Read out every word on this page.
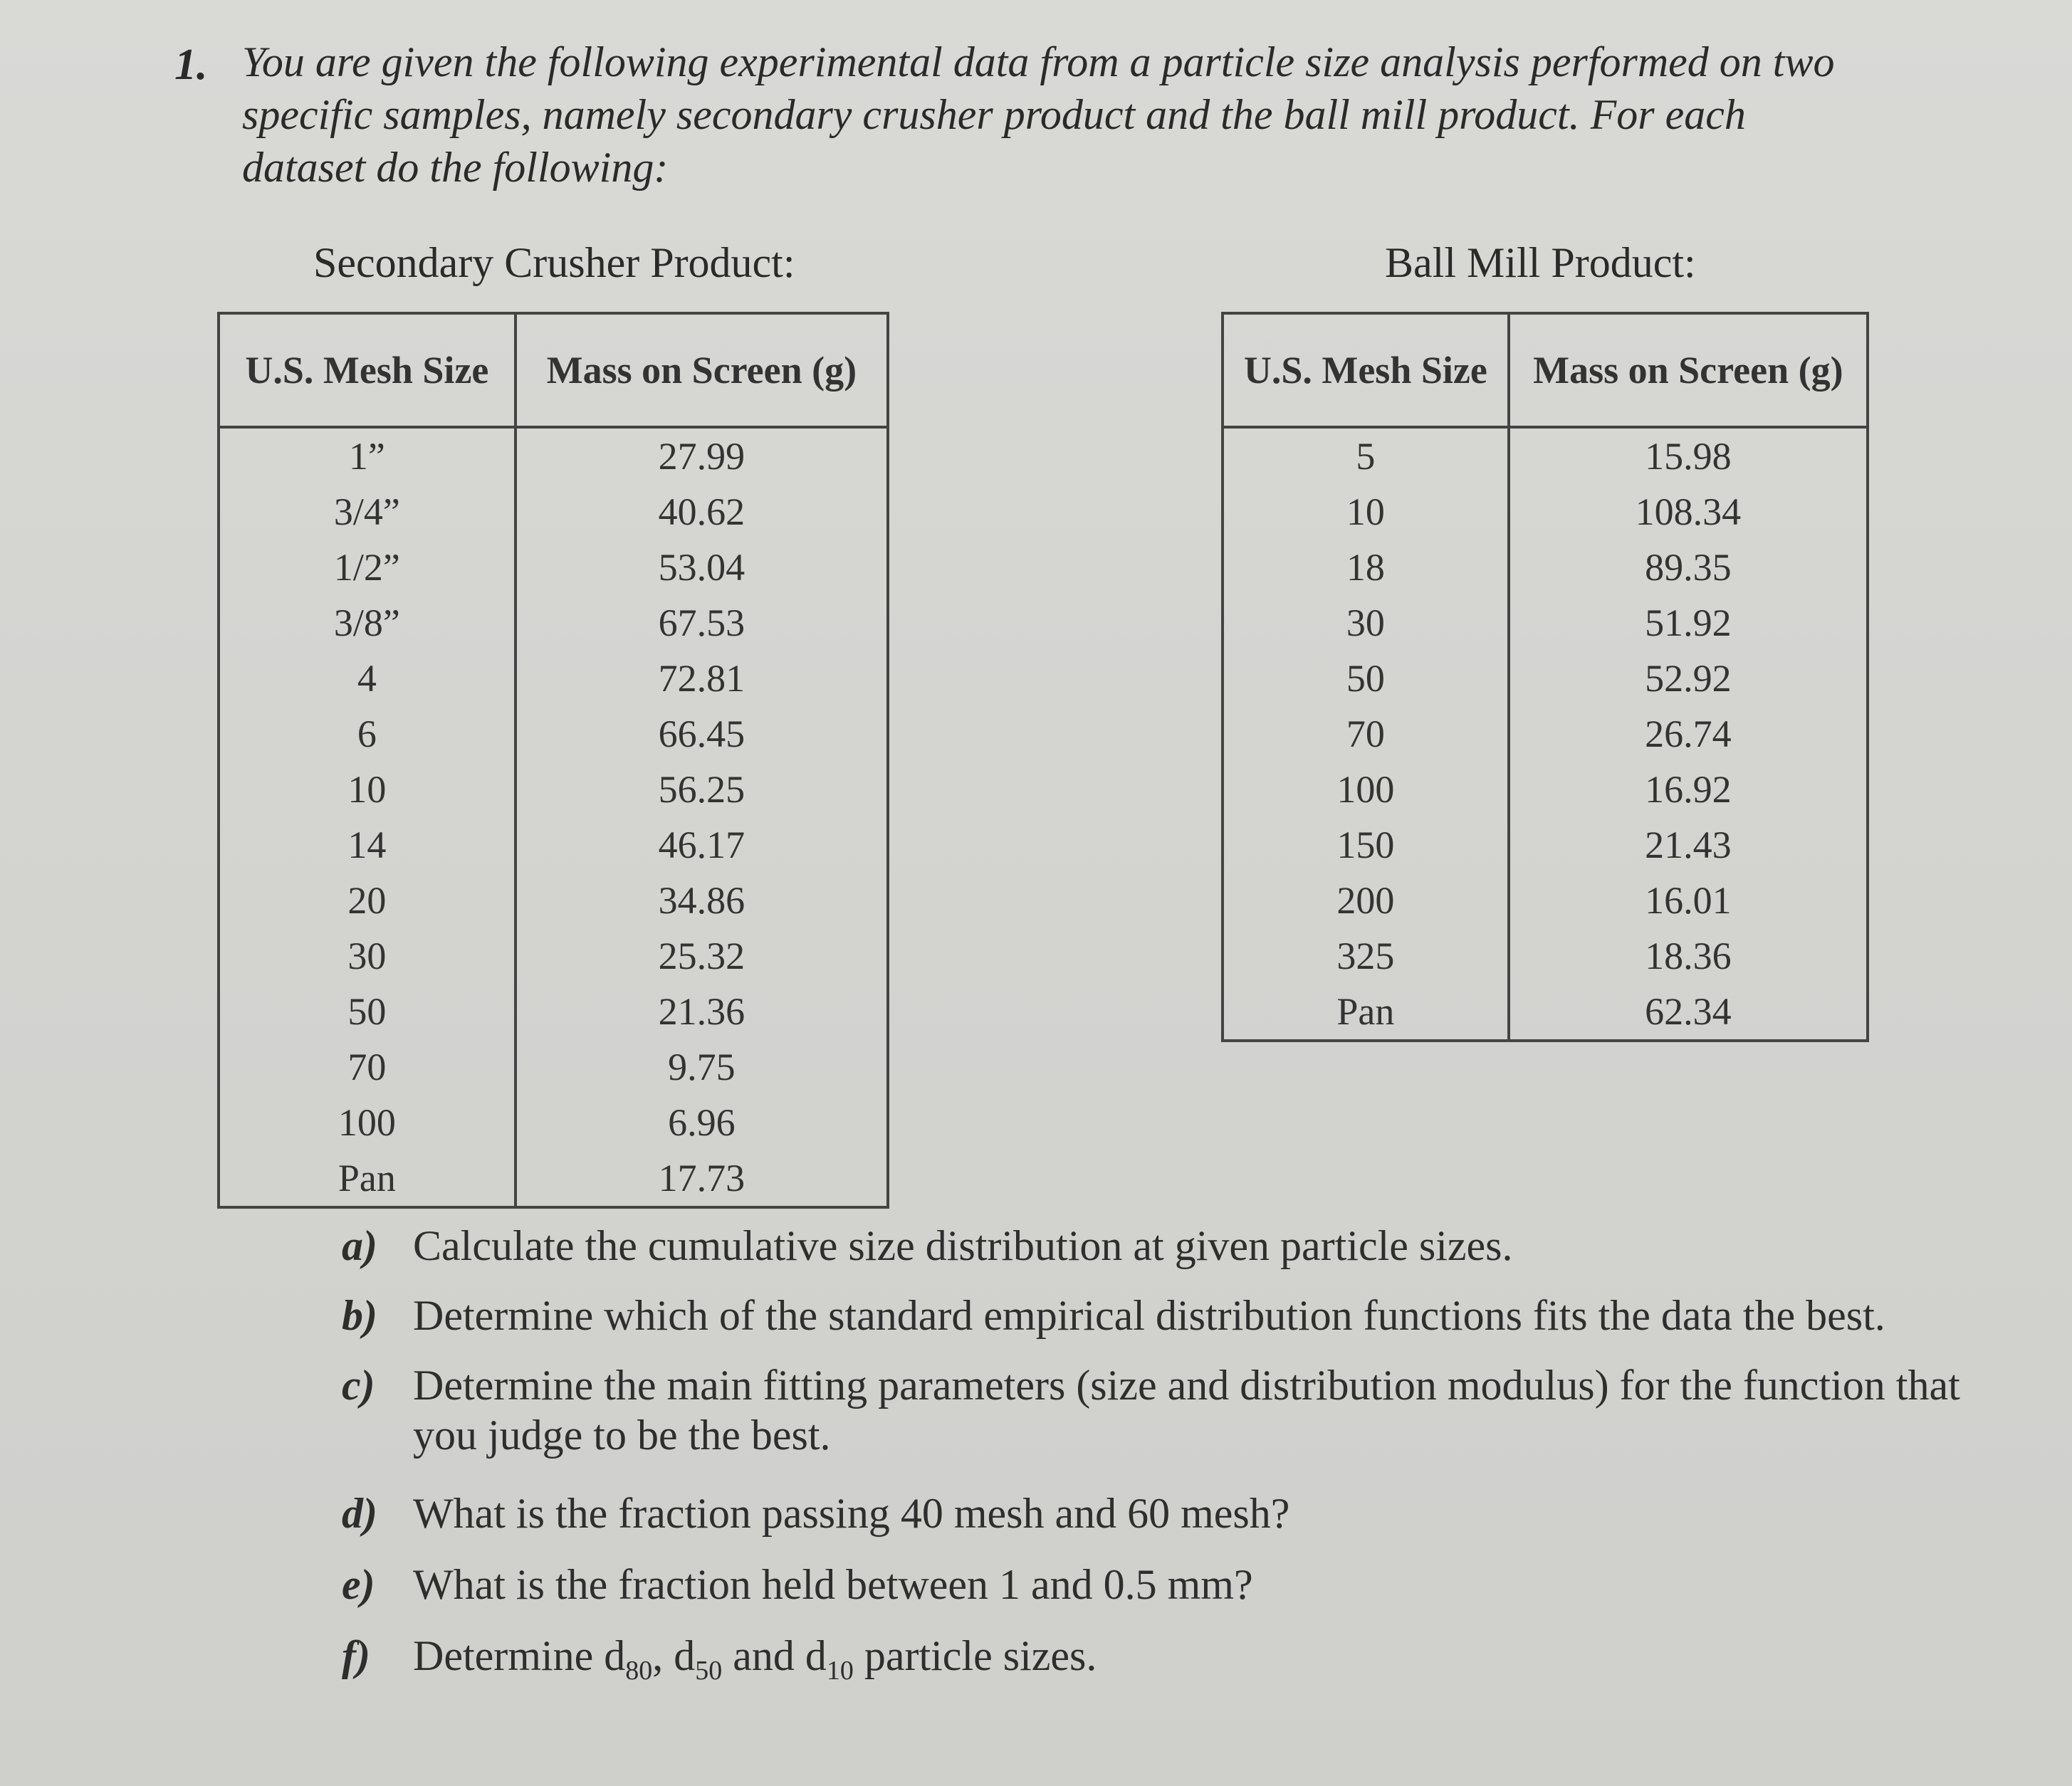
1. You are given the following experimental data from a particle size analysis performed on two

specific samples, namely secondary crusher product and the ball mill product. For each

dataset do the following:

Secondary Crusher Product:	Ball Mill Product:
U.S. Mesh Size	Mass on Screen (g)
1”	27.99
3/4”	40.62
1/2”	53.04
3/8”	67.53
4	72.81
6	66.45
10	56.25
14	46.17
20	34.86
30	25.32
50	21.36
70	9.75
100	6.96
Pan	17.73
U.S. Mesh Size	Mass on Screen (g)
5	15.98
10	108.34
18	89.35
30	51.92
50	52.92
70	26.74
100	16.92
150	21.43
200	16.01
325	18.36
Pan	62.34
a) Calculate the cumulative size distribution at given particle sizes.
b) Determine which of the standard empirical distribution functions fits the data the best.
c) Determine the main fitting parameters (size and distribution modulus) for the function that you judge to be the best.
d) What is the fraction passing 40 mesh and 60 mesh?
e) What is the fraction held between 1 and 0.5 mm?
f) Determine $d_{80}$, $d_{50}$ and $d_{10}$ particle sizes.
